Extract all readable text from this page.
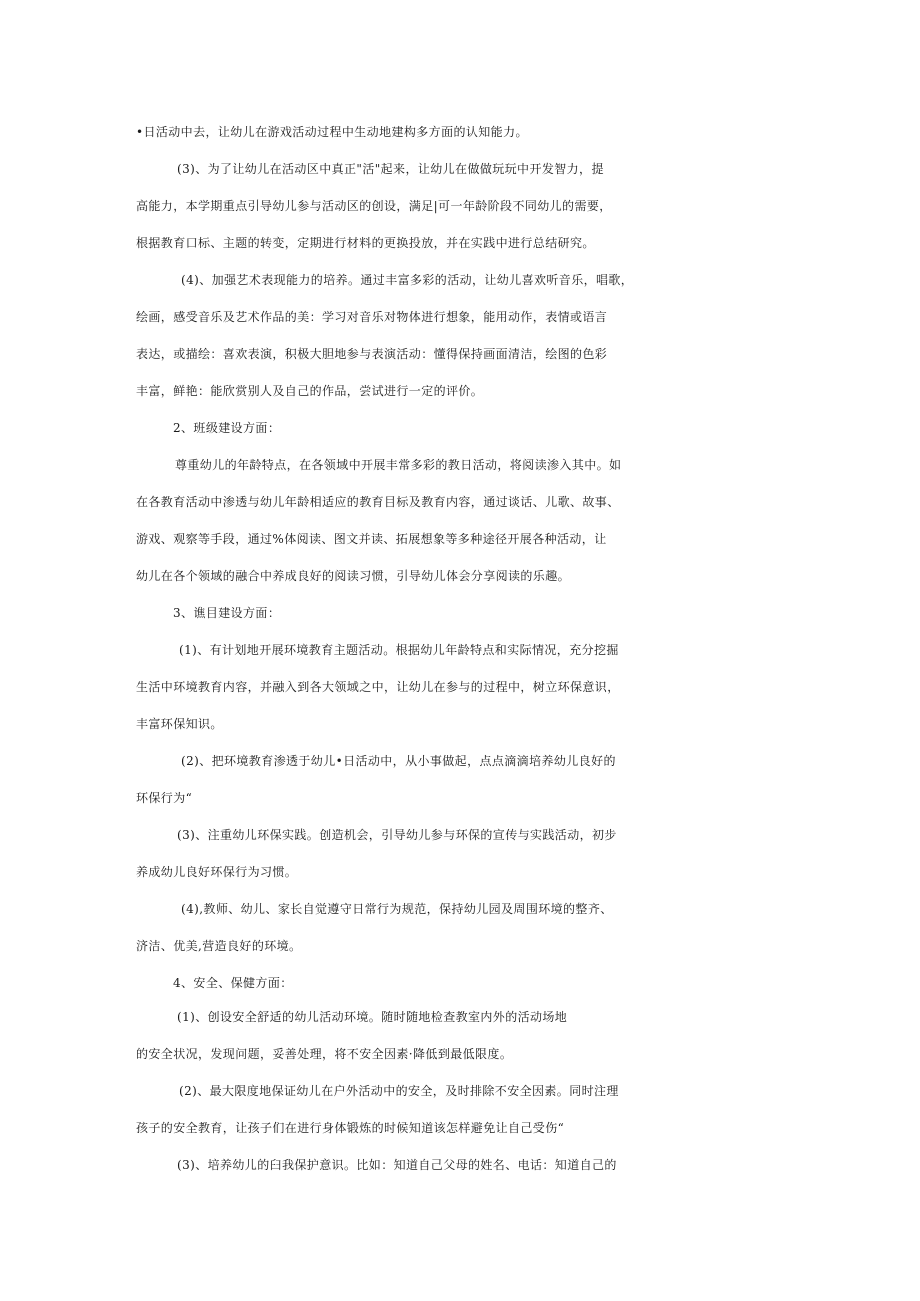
•日活动中去，让幼儿在游戏活动过程中生动地建构多方面的认知能力。
(3)、为了让幼儿在活动区中真正"活"起来，让幼儿在做做玩玩中开发智力，提
高能力，本学期重点引导幼儿参与活动区的创设，满足|可一年龄阶段不同幼儿的需要，
根据教育口标、主题的转变，定期进行材料的更换投放，并在实践中进行总结研究。
(4)、加强艺术表现能力的培养。通过丰富多彩的活动，让幼儿喜欢听音乐，唱歌，
绘画，感受音乐及艺术作品的美：学习对音乐对物体进行想象，能用动作，表情或语言
表达，或描绘：喜欢表演，积极大胆地参与表演活动：懂得保持画面清洁，绘图的色彩
丰富，鲜艳：能欣赏别人及自己的作品，尝试进行一定的评价。
2、班级建设方面：
尊重幼儿的年龄特点，在各领域中开展丰常多彩的教日活动，将阅读渗入其中。如
在各教育活动中渗透与幼儿年龄相适应的教育目标及教育内容，通过谈话、儿歌、故事、
游戏、观察等手段，通过%体阅读、图文并读、拓展想象等多种途径开展各种活动，让
幼儿在各个领域的融合中养成良好的阅读习惯，引导幼儿体会分享阅读的乐趣。
3、谯目建设方面：
(1)、有计划地开展环境教育主题活动。根据幼儿年龄特点和实际情况，充分挖掘
生活中环境教育内容，并融入到各大领域之中，让幼儿在参与的过程中，树立环保意识，
丰富环保知识。
(2)、把环境教育渗透于幼儿•日活动中，从小事做起，点点滴滴培养幼儿良好的
环保行为“
(3)、注重幼儿环保实践。创造机会，引导幼儿参与环保的宣传与实践活动，初步
养成幼儿良好环保行为习惯。
(4),教师、幼儿、家长自觉遵守日常行为规范，保持幼儿园及周围环境的整齐、
济洁、优美,营造良好的环境。
4、安全、保健方面：
(1)、创设安全舒适的幼儿活动环境。随时随地检查教室内外的活动场地
的安全状况，发现问题，妥善处理，将不安全因素·降低到最低限度。
(2)、最大限度地保证幼儿在户外活动中的安全，及时排除不安全因素。同时注理
孩子的安全教育，让孩子们在进行身体锻炼的时候知道该怎样避免让自己受伤“
(3)、培养幼儿的臼我保护意识。比如：知道自己父母的姓名、电话：知道自己的
